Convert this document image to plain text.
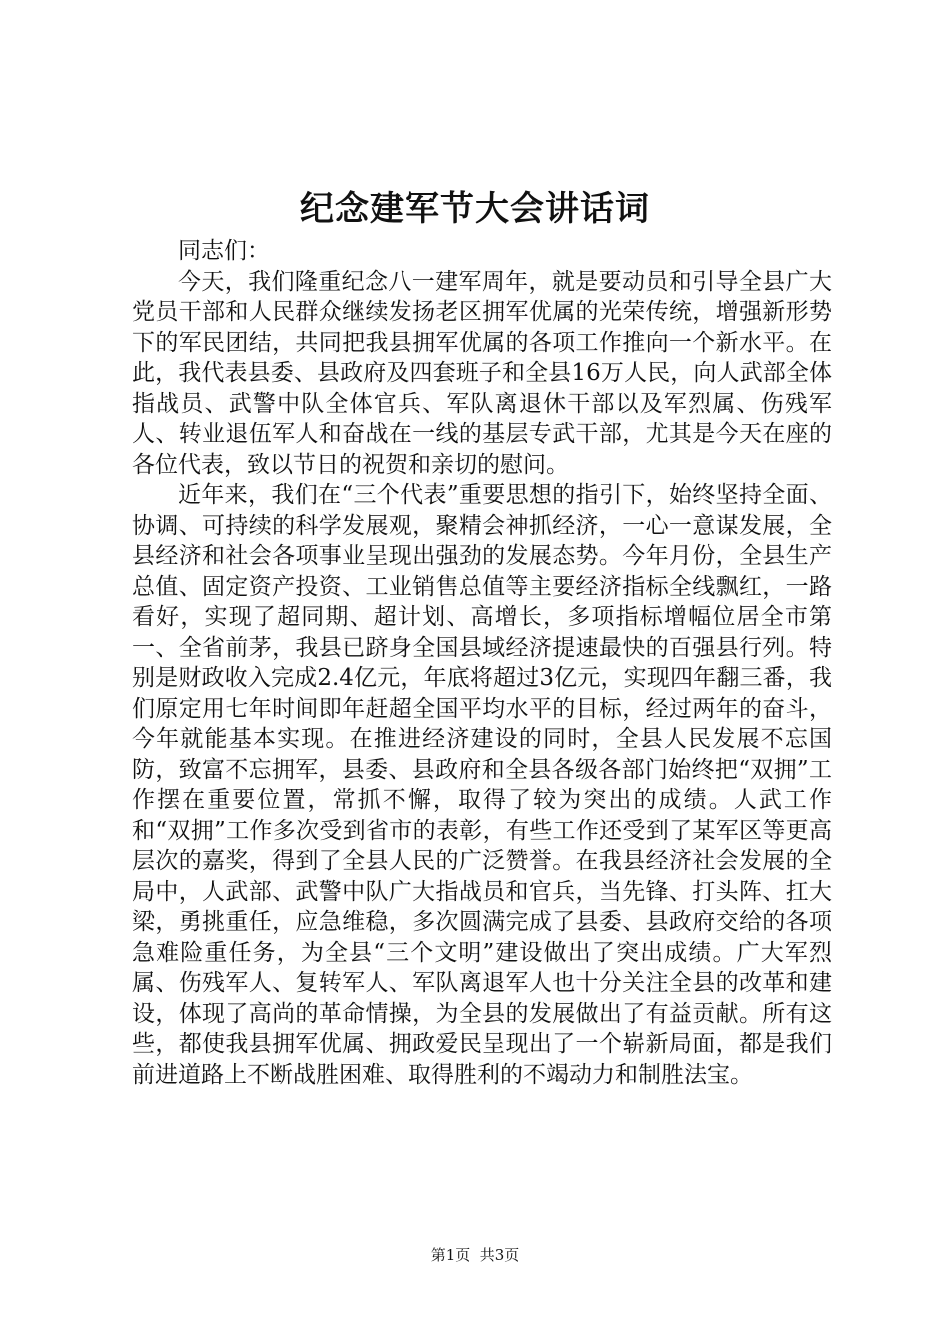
纪念建军节大会讲话词

同志们：

今天，我们隆重纪念八一建军周年，就是要动员和引导全县广大党员干部和人民群众继续发扬老区拥军优属的光荣传统，增强新形势下的军民团结，共同把我县拥军优属的各项工作推向一个新水平。在此，我代表县委、县政府及四套班子和全县16万人民，向人武部全体指战员、武警中队全体官兵、军队离退休干部以及军烈属、伤残军人、转业退伍军人和奋战在一线的基层专武干部，尤其是今天在座的各位代表，致以节日的祝贺和亲切的慰问。

近年来，我们在“三个代表”重要思想的指引下，始终坚持全面、协调、可持续的科学发展观，聚精会神抓经济，一心一意谋发展，全县经济和社会各项事业呈现出强劲的发展态势。今年月份，全县生产总值、固定资产投资、工业销售总值等主要经济指标全线飘红，一路看好，实现了超同期、超计划、高增长，多项指标增幅位居全市第一、全省前茅，我县已跻身全国县域经济提速最快的百强县行列。特别是财政收入完成2.4亿元，年底将超过3亿元，实现四年翻三番，我们原定用七年时间即年赶超全国平均水平的目标，经过两年的奋斗，今年就能基本实现。在推进经济建设的同时，全县人民发展不忘国防，致富不忘拥军，县委、县政府和全县各级各部门始终把“双拥”工作摆在重要位置，常抓不懈，取得了较为突出的成绩。人武工作和“双拥”工作多次受到省市的表彰，有些工作还受到了某军区等更高层次的嘉奖，得到了全县人民的广泛赞誉。在我县经济社会发展的全局中，人武部、武警中队广大指战员和官兵，当先锋、打头阵、扛大梁，勇挑重任，应急维稳，多次圆满完成了县委、县政府交给的各项急难险重任务，为全县“三个文明”建设做出了突出成绩。广大军烈属、伤残军人、复转军人、军队离退军人也十分关注全县的改革和建设，体现了高尚的革命情操，为全县的发展做出了有益贡献。所有这些，都使我县拥军优属、拥政爱民呈现出了一个崭新局面，都是我们前进道路上不断战胜困难、取得胜利的不竭动力和制胜法宝。

第1页  共3页
